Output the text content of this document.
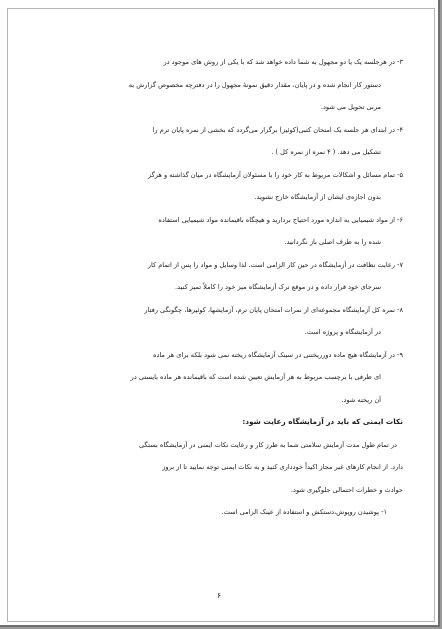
۳- در هرجلسه یک یا دو مجهول به شما داده خواهد شد که با یکی از روش های موجود در
دستور کار انجام شده و در پایان، مقدار دقیق نمونهٔ مجهول را در دفترچه مخصوص گزارش به
مربی تحویل می شود.
۴- در ابتدای هر جلسه یک امتحان کتبی(کوئیز) برگزار می‌گردد که بخشی از نمره پایان ترم را
تشکیل می دهد. ( ۴ نمره از نمره کل ) .
۵- تمام مسائل و اشکالات مربوط به کار خود را با مسئولان آزمایشگاه در میان گذاشته و هرگز
بدون اجازه‌ی ایشان از آزمایشگاه خارج نشوید.
۶- از مواد شیمیایی به اندازه مورد احتیاج بردارید و هیچگاه باقیمانده مواد شیمیایی استفاده
شده را به ظرف اصلی باز نگردانید.
۷- رعایت نظافت در آزمایشگاه در حین کار الزامی است. لذا وسایل و مواد را پس از اتمام کار
سرجای خود قرار داده و در موقع ترک آزمایشگاه میز خود را کاملاً تمیز کنید.
۸- نمره کل آزمایشگاه مجموعه‌ای از نمرات امتحان پایان ترم، آزمایشها، کوئیزها، چگونگی رفتار
در آزمایشگاه و پروژه است.
۹- در آزمایشگاه هیچ ماده دورریختنی در سینک آزمایشگاه ریخته نمی شود بلکه برای هر ماده
ای ظرفی با برچسب مربوط به هر آزمایش تعیین شده است که باقیمانده هر ماده بایستی در
آن ریخته شود.
نکات ایمنی که باید در آزمایشگاه رعایت شود:
در تمام طول مدت آزمایش سلامتی شما به طرز کار و رعایت نکات ایمنی در آزمایشگاه بستگی
دارد. از انجام کارهای غیر مجاز اکیداً خودداری کنید و به نکات ایمنی توجه نمایید تا از بروز
حوادث و خطرات احتمالی جلوگیری شود.
۱- پوشیدن روپوش،دستکش و استفاده از عینک الزامی است.
۶
